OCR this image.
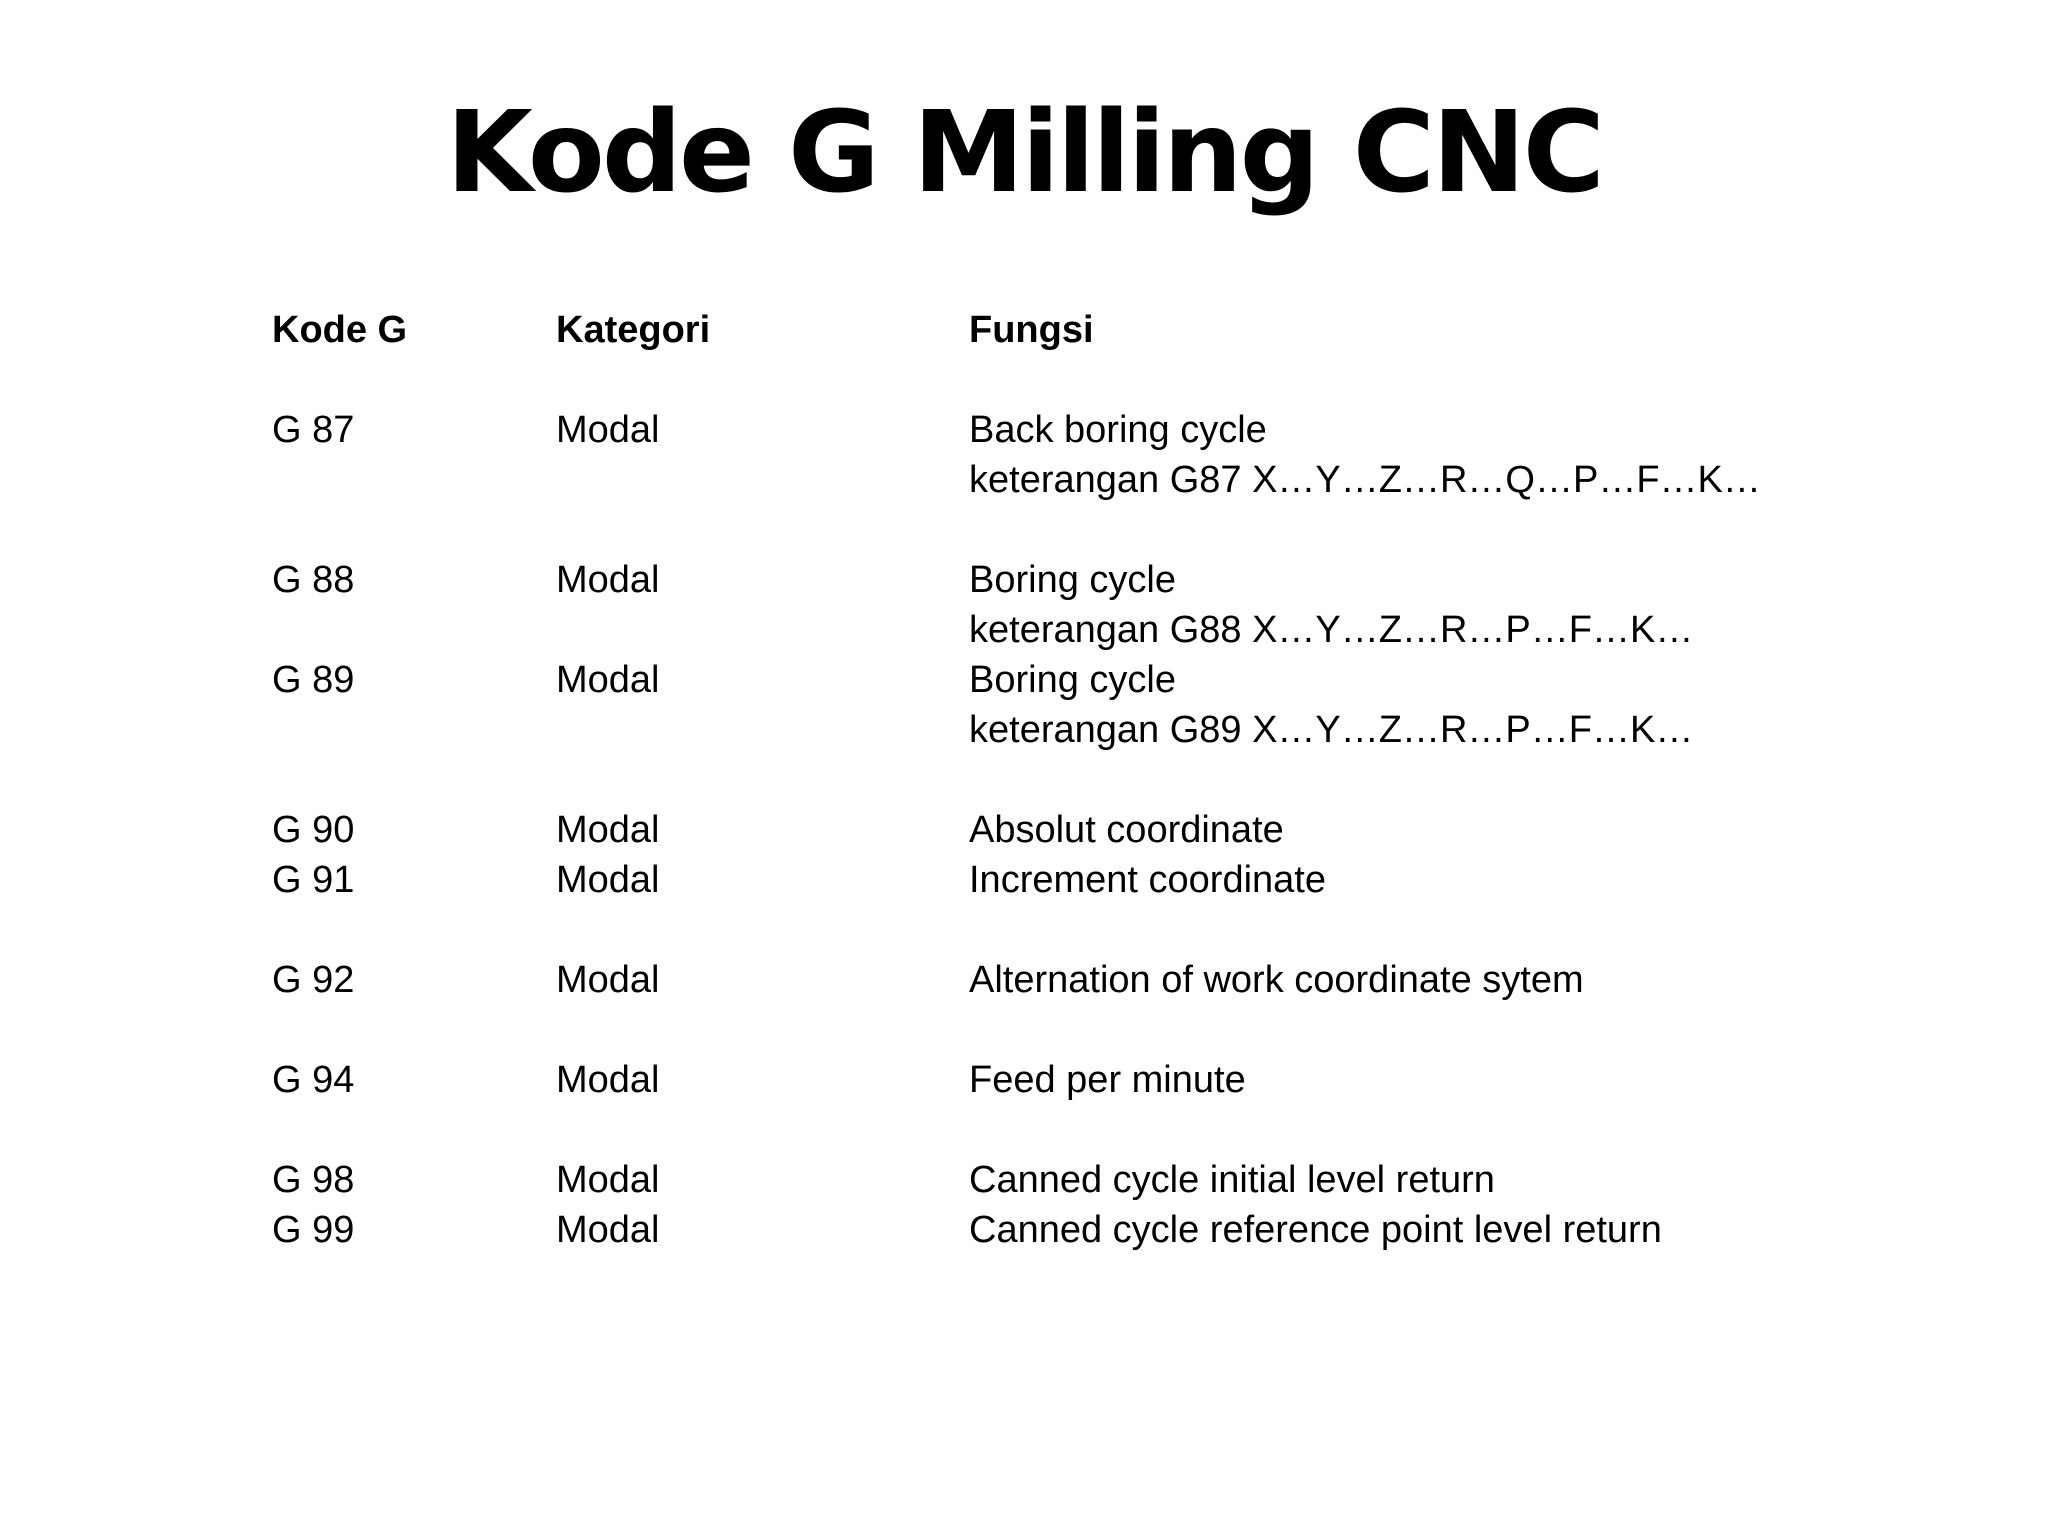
Kode G Milling CNC
Kode G	Kategori	Fungsi
G 87	Modal	Back boring cycle
keterangan G87 X…Y…Z…R…Q…P…F…K…
G 88	Modal	Boring cycle
keterangan G88 X…Y…Z…R…P…F…K…
G 89	Modal	Boring cycle
keterangan G89 X…Y…Z…R…P…F…K…
G 90	Modal	Absolut coordinate
G 91	Modal	Increment coordinate
G 92	Modal	Alternation of work coordinate sytem
G 94	Modal	Feed per minute
G 98	Modal	Canned cycle initial level return
G 99	Modal	Canned cycle reference point level return
